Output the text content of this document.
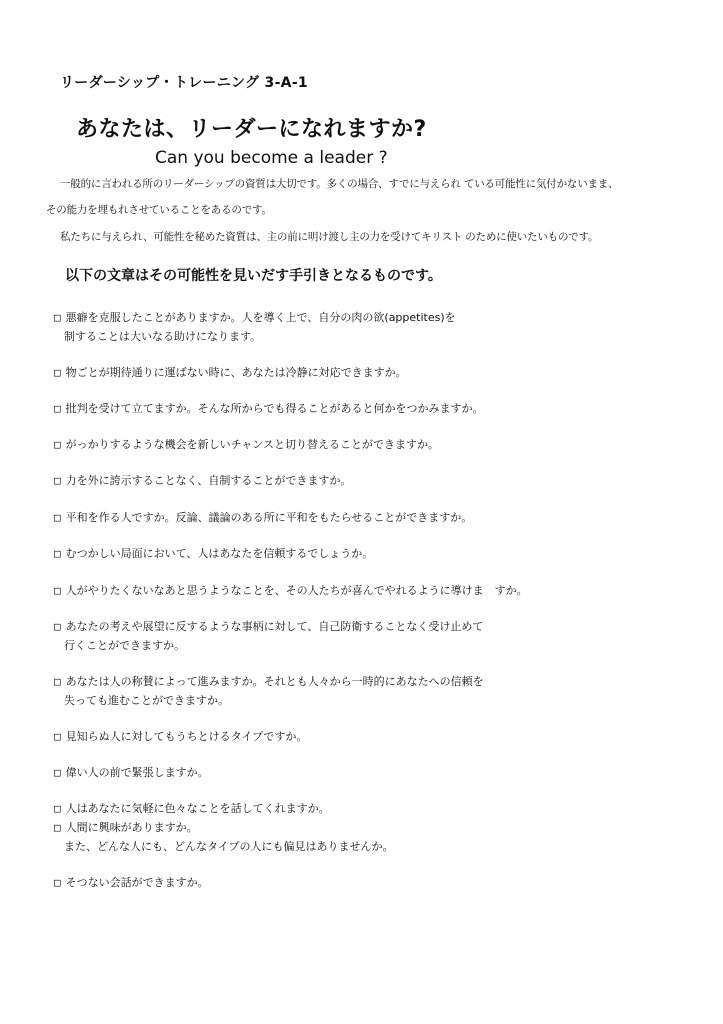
リーダーシップ・トレーニング 3-A-1
あなたは、リーダーになれますか?
Can you become a leader ?
一般的に言われる所のリーダーシップの資質は大切です。多くの場合、すでに与えられ ている可能性に気付かないまま、
その能力を埋もれさせていることをあるのです。
私たちに与えられ、可能性を秘めた資質は、主の前に明け渡し主の力を受けてキリスト のために使いたいものです。
以下の文章はその可能性を見いだす手引きとなるものです。
□ 悪癖を克服したことがありますか。人を導く上で、自分の肉の欲(appetites)を
制することは大いなる助けになります。
□ 物ごとが期待通りに運ばない時に、あなたは冷静に対応できますか。
□ 批判を受けて立てますか。そんな所からでも得ることがあると何かをつかみますか。
□ がっかりするような機会を新しいチャンスと切り替えることができますか。
□ 力を外に誇示することなく、自制することができますか。
□ 平和を作る人ですか。反論、議論のある所に平和をもたらせることができますか。
□ むつかしい局面において、人はあなたを信頼するでしょうか。
□ 人がやりたくないなあと思うようなことを、その人たちが喜んでやれるように導けま　すか。
□ あなたの考えや展望に反するような事柄に対して、自己防衛することなく受け止めて
行くことができますか。
□ あなたは人の称賛によって進みますか。それとも人々から一時的にあなたへの信頼を
失っても進むことができますか。
□ 見知らぬ人に対してもうちとけるタイプですか。
□ 偉い人の前で緊張しますか。
□ 人はあなたに気軽に色々なことを話してくれますか。
□ 人間に興味がありますか。
また、どんな人にも、どんなタイプの人にも偏見はありませんか。
□ そつない会話ができますか。
